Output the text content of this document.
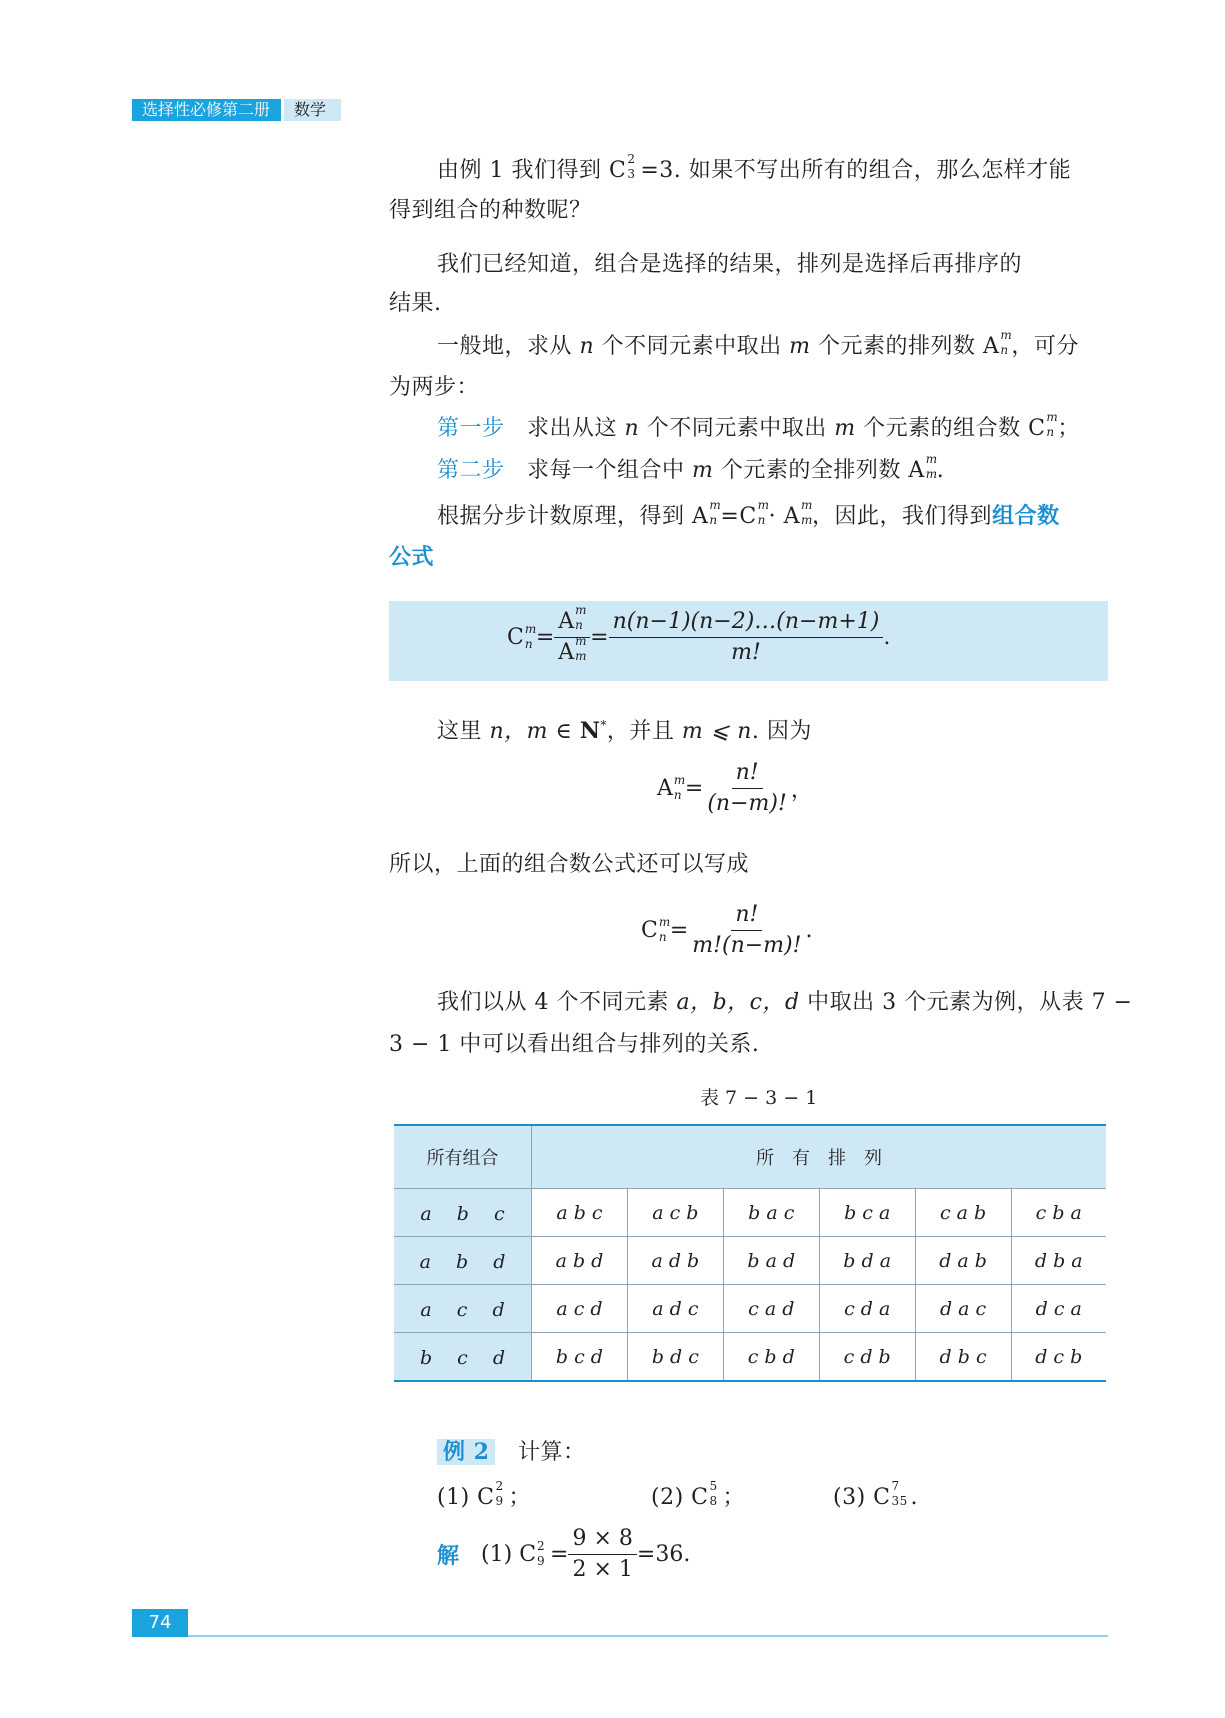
选择性必修第二册	数学
由例 1 我们得到 C 2
3 =3. 如果不写出所有的组合，那么怎样才能
得到组合的种数呢？
我们已经知道，组合是选择的结果，排列是选择后再排序的
结果.
一般地，求从 n 个不同元素中取出 m 个元素的排列数 A m
n ，可分
为两步：
第一步　 求出从这 n 个不同元素中取出 m 个元素的组合数 C m
n ；
第二步　 求每一个组合中 m 个元素的全排列数 A m
m .
根据分步计数原理，得到 A m
n =C m
n · A m
m ，因此，我们得到组合数
公式
C m
n = A m
n
A m
$m = \frac{n(n-1)(n-2)\dots(n-m+1)}{m!}$ .
这里 n，m ∈ N*，并且 m ⩽ n. 因为
A m
$n = \frac{n!}{(n-m)!}$ ，
所以，上面的组合数公式还可以写成
C m
$n = \frac{n!}{m!(n-m)!}$ .
我们以从 4 个不同元素 a，b，c，d 中取出 3 个元素为例，从表 7 −
3 − 1 中可以看出组合与排列的关系.
表 7 − 3 − 1
所有组合	所　有　排　列					
a　 b　 c	a b c	a c b	b a c	b c a	c a b	c b a
a　 b　 d	a b d	a d b	b a d	b d a	d a b	d b a
a　 c　 d	a c d	a d c	c a d	c d a	d a c	d c a
b　 c　 d	b c d	b d c	c b d	c d b	d b c	d c b
例 2　 计算：
(1) C 2
9 ；	(2) C 5
8 ；	(3) C 7
35 .
解
　 (1) C 2
$9 = \frac{9 \times 8}{2 \times 1} =36$.
74
